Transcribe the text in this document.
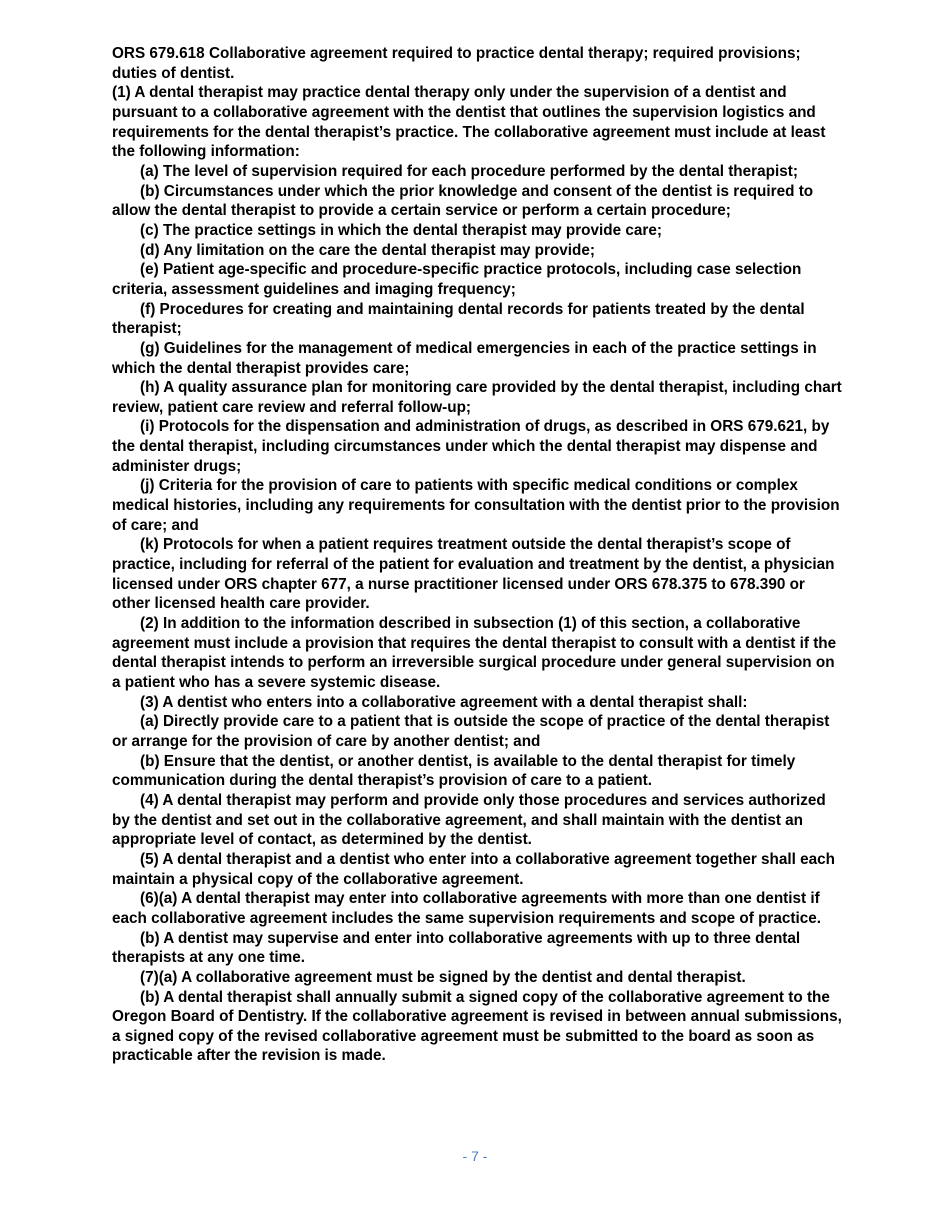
ORS 679.618 Collaborative agreement required to practice dental therapy; required provisions; duties of dentist.

(1) A dental therapist may practice dental therapy only under the supervision of a dentist and pursuant to a collaborative agreement with the dentist that outlines the supervision logistics and requirements for the dental therapist’s practice. The collaborative agreement must include at least the following information:

(a) The level of supervision required for each procedure performed by the dental therapist;

(b) Circumstances under which the prior knowledge and consent of the dentist is required to allow the dental therapist to provide a certain service or perform a certain procedure;

(c) The practice settings in which the dental therapist may provide care;

(d) Any limitation on the care the dental therapist may provide;

(e) Patient age-specific and procedure-specific practice protocols, including case selection criteria, assessment guidelines and imaging frequency;

(f) Procedures for creating and maintaining dental records for patients treated by the dental therapist;

(g) Guidelines for the management of medical emergencies in each of the practice settings in which the dental therapist provides care;

(h) A quality assurance plan for monitoring care provided by the dental therapist, including chart review, patient care review and referral follow-up;

(i) Protocols for the dispensation and administration of drugs, as described in ORS 679.621, by the dental therapist, including circumstances under which the dental therapist may dispense and administer drugs;

(j) Criteria for the provision of care to patients with specific medical conditions or complex medical histories, including any requirements for consultation with the dentist prior to the provision of care; and

(k) Protocols for when a patient requires treatment outside the dental therapist’s scope of practice, including for referral of the patient for evaluation and treatment by the dentist, a physician licensed under ORS chapter 677, a nurse practitioner licensed under ORS 678.375 to 678.390 or other licensed health care provider.

(2) In addition to the information described in subsection (1) of this section, a collaborative agreement must include a provision that requires the dental therapist to consult with a dentist if the dental therapist intends to perform an irreversible surgical procedure under general supervision on a patient who has a severe systemic disease.

(3) A dentist who enters into a collaborative agreement with a dental therapist shall:

(a) Directly provide care to a patient that is outside the scope of practice of the dental therapist or arrange for the provision of care by another dentist; and

(b) Ensure that the dentist, or another dentist, is available to the dental therapist for timely communication during the dental therapist’s provision of care to a patient.

(4) A dental therapist may perform and provide only those procedures and services authorized by the dentist and set out in the collaborative agreement, and shall maintain with the dentist an appropriate level of contact, as determined by the dentist.

(5) A dental therapist and a dentist who enter into a collaborative agreement together shall each maintain a physical copy of the collaborative agreement.

(6)(a) A dental therapist may enter into collaborative agreements with more than one dentist if each collaborative agreement includes the same supervision requirements and scope of practice.

(b) A dentist may supervise and enter into collaborative agreements with up to three dental therapists at any one time.

(7)(a) A collaborative agreement must be signed by the dentist and dental therapist.

(b) A dental therapist shall annually submit a signed copy of the collaborative agreement to the Oregon Board of Dentistry. If the collaborative agreement is revised in between annual submissions, a signed copy of the revised collaborative agreement must be submitted to the board as soon as practicable after the revision is made.

- 7 -
